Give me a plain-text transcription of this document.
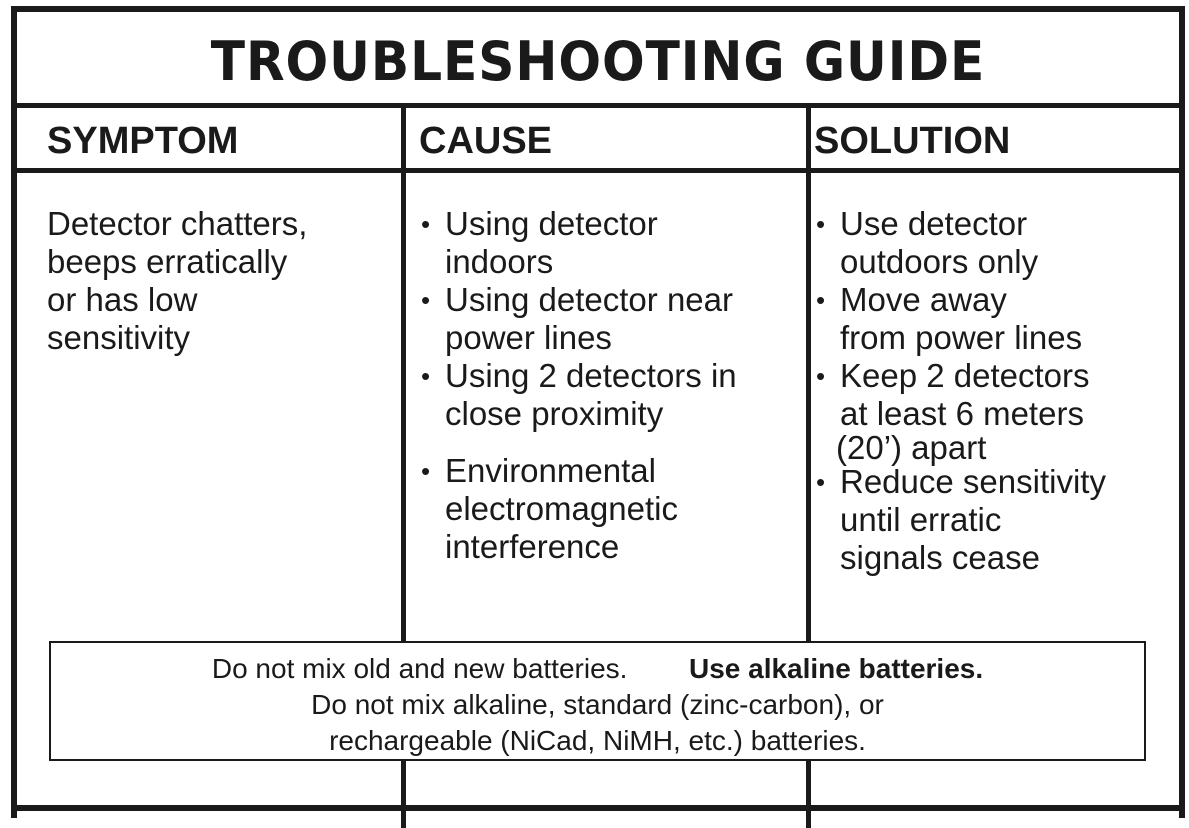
TROUBLESHOOTING GUIDE
SYMPTOM	CAUSE	SOLUTION
Detector chatters,
beeps erratically
or has low
sensitivity
• Using detector
indoors
• Using detector near
power lines
• Using 2 detectors in
close proximity
• Environmental
electromagnetic
interference
• Use detector
outdoors only
• Move away
from power lines
• Keep 2 detectors
at least 6 meters
(20’) apart
• Reduce sensitivity
until erratic
signals cease
Do not mix old and new batteries. Use alkaline batteries.
Do not mix alkaline, standard (zinc-carbon), or
rechargeable (NiCad, NiMH, etc.) batteries.
